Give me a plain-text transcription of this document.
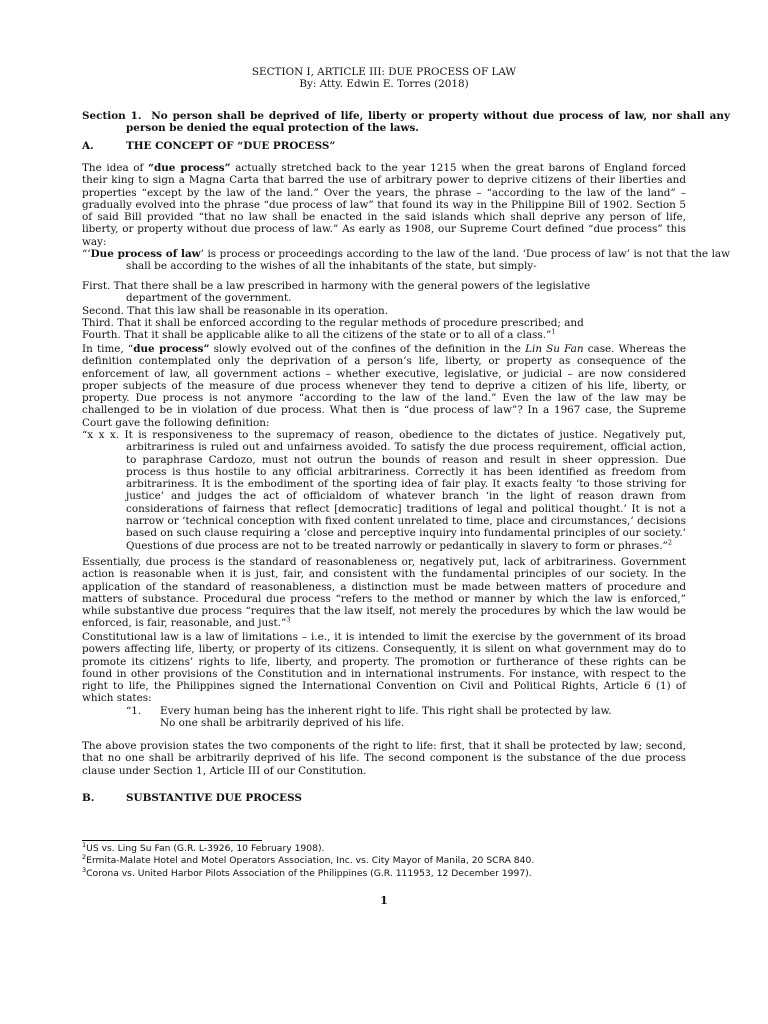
SECTION I, ARTICLE III: DUE PROCESS OF LAW
By: Atty. Edwin E. Torres (2018)
Section 1. No person shall be deprived of life, liberty or property without due process of law, nor shall any person be denied the equal protection of the laws.
A.	THE CONCEPT OF “DUE PROCESS”
The idea of “due process” actually stretched back to the year 1215 when the great barons of England forced their king to sign a Magna Carta that barred the use of arbitrary power to deprive citizens of their liberties and properties “except by the law of the land.” Over the years, the phrase – “according to the law of the land” – gradually evolved into the phrase “due process of law” that found its way in the Philippine Bill of 1902. Section 5 of said Bill provided “that no law shall be enacted in the said islands which shall deprive any person of life, liberty, or property without due process of law.” As early as 1908, our Supreme Court defined “due process” this way:
“‘Due process of law’ is process or proceedings according to the law of the land. ‘Due process of law’ is not that the law shall be according to the wishes of all the inhabitants of the state, but simply-
First. That there shall be a law prescribed in harmony with the general powers of the legislative
department of the government.
Second. That this law shall be reasonable in its operation.
Third. That it shall be enforced according to the regular methods of procedure prescribed; and
Fourth. That it shall be applicable alike to all the citizens of the state or to all of a class.”$^1$
In time, “due process” slowly evolved out of the confines of the definition in the Lin Su Fan case. Whereas the definition contemplated only the deprivation of a person’s life, liberty, or property as consequence of the enforcement of law, all government actions – whether executive, legislative, or judicial – are now considered proper subjects of the measure of due process whenever they tend to deprive a citizen of his life, liberty, or property. Due process is not anymore “according to the law of the land.” Even the law of the law may be challenged to be in violation of due process. What then is “due process of law”? In a 1967 case, the Supreme Court gave the following definition:
“x x x. It is responsiveness to the supremacy of reason, obedience to the dictates of justice. Negatively put, arbitrariness is ruled out and unfairness avoided. To satisfy the due process requirement, official action, to paraphrase Cardozo, must not outrun the bounds of reason and result in sheer oppression. Due process is thus hostile to any official arbitrariness. Correctly it has been identified as freedom from arbitrariness. It is the embodiment of the sporting idea of fair play. It exacts fealty ‘to those striving for justice’ and judges the act of officialdom of whatever branch ‘in the light of reason drawn from considerations of fairness that reflect [democratic] traditions of legal and political thought.’ It is not a narrow or ‘technical conception with fixed content unrelated to time, place and circumstances,’ decisions based on such clause requiring a ‘close and perceptive inquiry into fundamental principles of our society.’ Questions of due process are not to be treated narrowly or pedantically in slavery to form or phrases.”$^2$
Essentially, due process is the standard of reasonableness or, negatively put, lack of arbitrariness. Government action is reasonable when it is just, fair, and consistent with the fundamental principles of our society. In the application of the standard of reasonableness, a distinction must be made between matters of procedure and matters of substance. Procedural due process “refers to the method or manner by which the law is enforced,” while substantive due process “requires that the law itself, not merely the procedures by which the law would be enforced, is fair, reasonable, and just.”$^3$
Constitutional law is a law of limitations – i.e., it is intended to limit the exercise by the government of its broad powers affecting life, liberty, or property of its citizens. Consequently, it is silent on what government may do to promote its citizens’ rights to life, liberty, and property. The promotion or furtherance of these rights can be found in other provisions of the Constitution and in international instruments. For instance, with respect to the right to life, the Philippines signed the International Convention on Civil and Political Rights, Article 6 (1) of which states:
“1.	Every human being has the inherent right to life. This right shall be protected by law.
No one shall be arbitrarily deprived of his life.
The above provision states the two components of the right to life: first, that it shall be protected by law; second, that no one shall be arbitrarily deprived of his life. The second component is the substance of the due process clause under Section 1, Article III of our Constitution.
B.	SUBSTANTIVE DUE PROCESS
$^1$US vs. Ling Su Fan (G.R. L-3926, 10 February 1908).
$^2$Ermita-Malate Hotel and Motel Operators Association, Inc. vs. City Mayor of Manila, 20 SCRA 840.
$^3$Corona vs. United Harbor Pilots Association of the Philippines (G.R. 111953, 12 December 1997).
1
